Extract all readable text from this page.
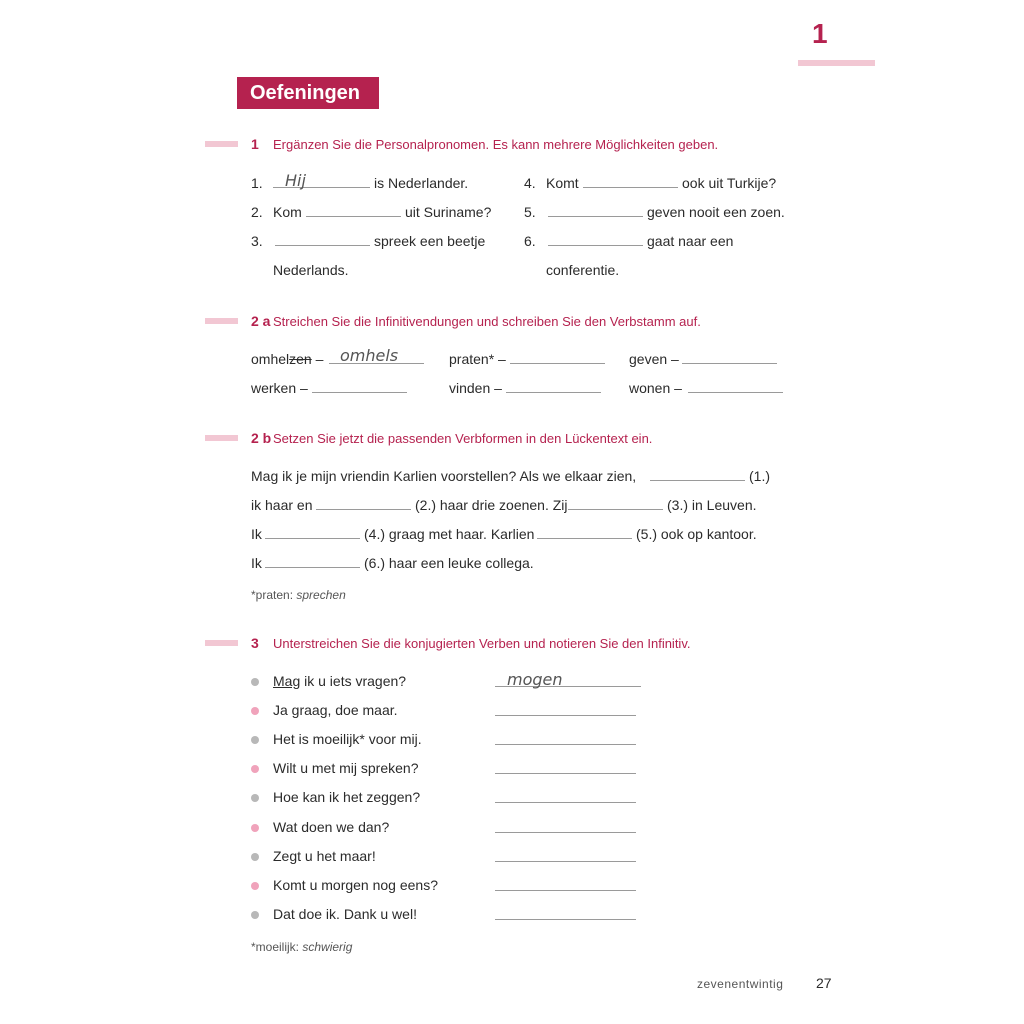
1
Oefeningen
1 Ergänzen Sie die Personalpronomen. Es kann mehrere Möglichkeiten geben.
1. Hij	is Nederlander.
2. Kom	uit Suriname?
3.	spreek een beetje
Nederlands.
4. Komt	ook uit Turkije?
5.	geven nooit een zoen.
6.	gaat naar een
conferentie.
2 a Streichen Sie die Infinitivendungen und schreiben Sie den Verbstamm auf.
omhelzen – omhels	praten* –	geven –
werken –	vinden –	wonen –
2 b Setzen Sie jetzt die passenden Verbformen in den Lückentext ein.
Mag ik je mijn vriendin Karlien voorstellen? Als we elkaar zien,	(1.)
ik haar en	(2.) haar drie zoenen. Zij	(3.) in Leuven.
Ik	(4.) graag met haar. Karlien	(5.) ook op kantoor.
Ik	(6.) haar een leuke collega.
*praten: sprechen
3 Unterstreichen Sie die konjugierten Verben und notieren Sie den Infinitiv.
Mag ik u iets vragen?	mogen
Ja graag, doe maar.
Het is moeilijk* voor mij.
Wilt u met mij spreken?
Hoe kan ik het zeggen?
Wat doen we dan?
Zegt u het maar!
Komt u morgen nog eens?
Dat doe ik. Dank u wel!
*moeilijk: schwierig
zevenentwintig 27
